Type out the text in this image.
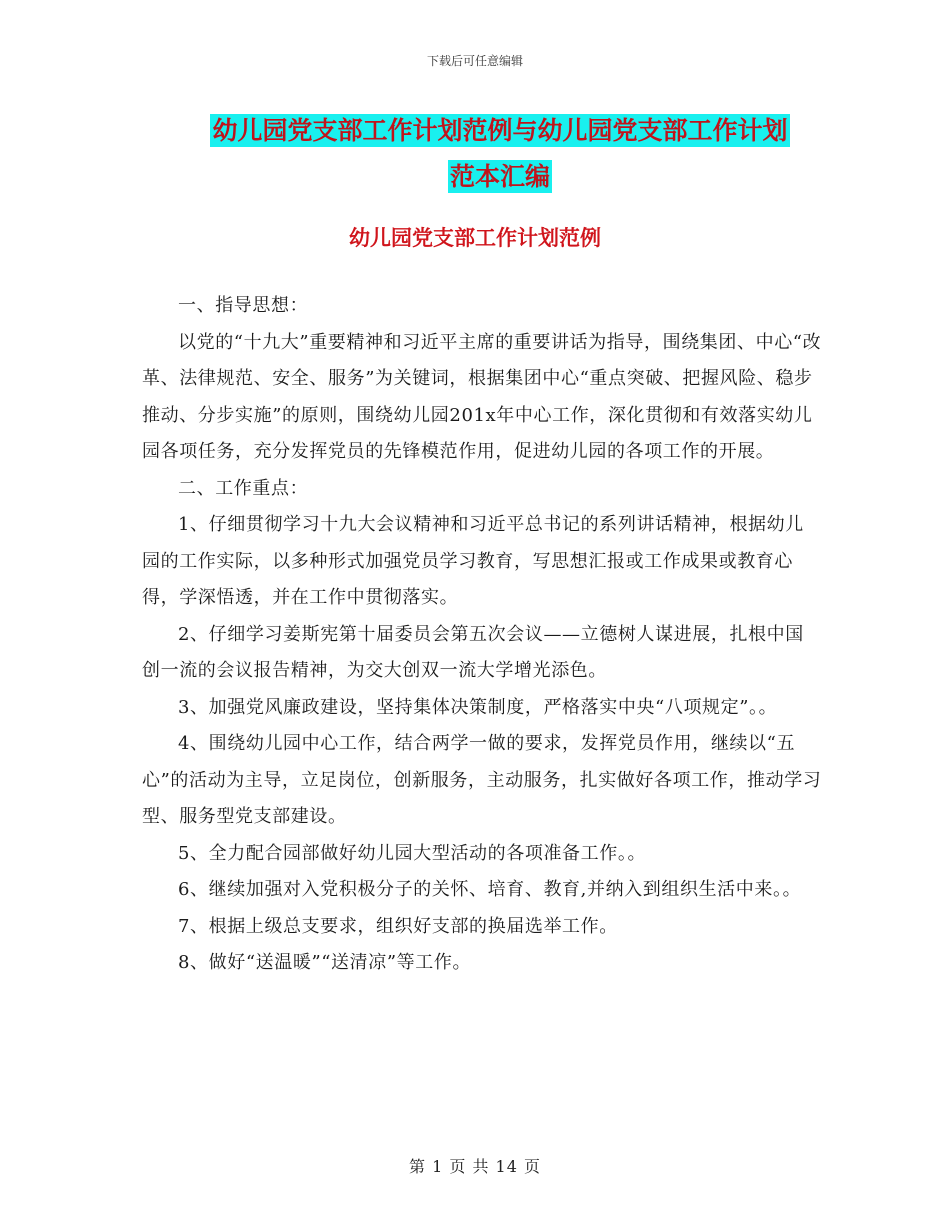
下载后可任意编辑
幼儿园党支部工作计划范例与幼儿园党支部工作计划
范本汇编
幼儿园党支部工作计划范例

一、指导思想：

以党的“十九大”重要精神和习近平主席的重要讲话为指导，围绕集团、中心“改革、法律规范、安全、服务”为关键词，根据集团中心“重点突破、把握风险、稳步推动、分步实施”的原则，围绕幼儿园201x年中心工作，深化贯彻和有效落实幼儿园各项任务，充分发挥党员的先锋模范作用，促进幼儿园的各项工作的开展。

二、工作重点：

1、仔细贯彻学习十九大会议精神和习近平总书记的系列讲话精神，根据幼儿园的工作实际，以多种形式加强党员学习教育，写思想汇报或工作成果或教育心得，学深悟透，并在工作中贯彻落实。

2、仔细学习姜斯宪第十届委员会第五次会议——立德树人谋进展，扎根中国创一流的会议报告精神，为交大创双一流大学增光添色。

3、加强党风廉政建设，坚持集体决策制度，严格落实中央“八项规定”。。

4、围绕幼儿园中心工作，结合两学一做的要求，发挥党员作用，继续以“五心”的活动为主导，立足岗位，创新服务，主动服务，扎实做好各项工作，推动学习型、服务型党支部建设。

5、全力配合园部做好幼儿园大型活动的各项准备工作。。

6、继续加强对入党积极分子的关怀、培育、教育,并纳入到组织生活中来。。

7、根据上级总支要求，组织好支部的换届选举工作。

8、做好“送温暖”“送清凉”等工作。

第 1 页 共 14 页
